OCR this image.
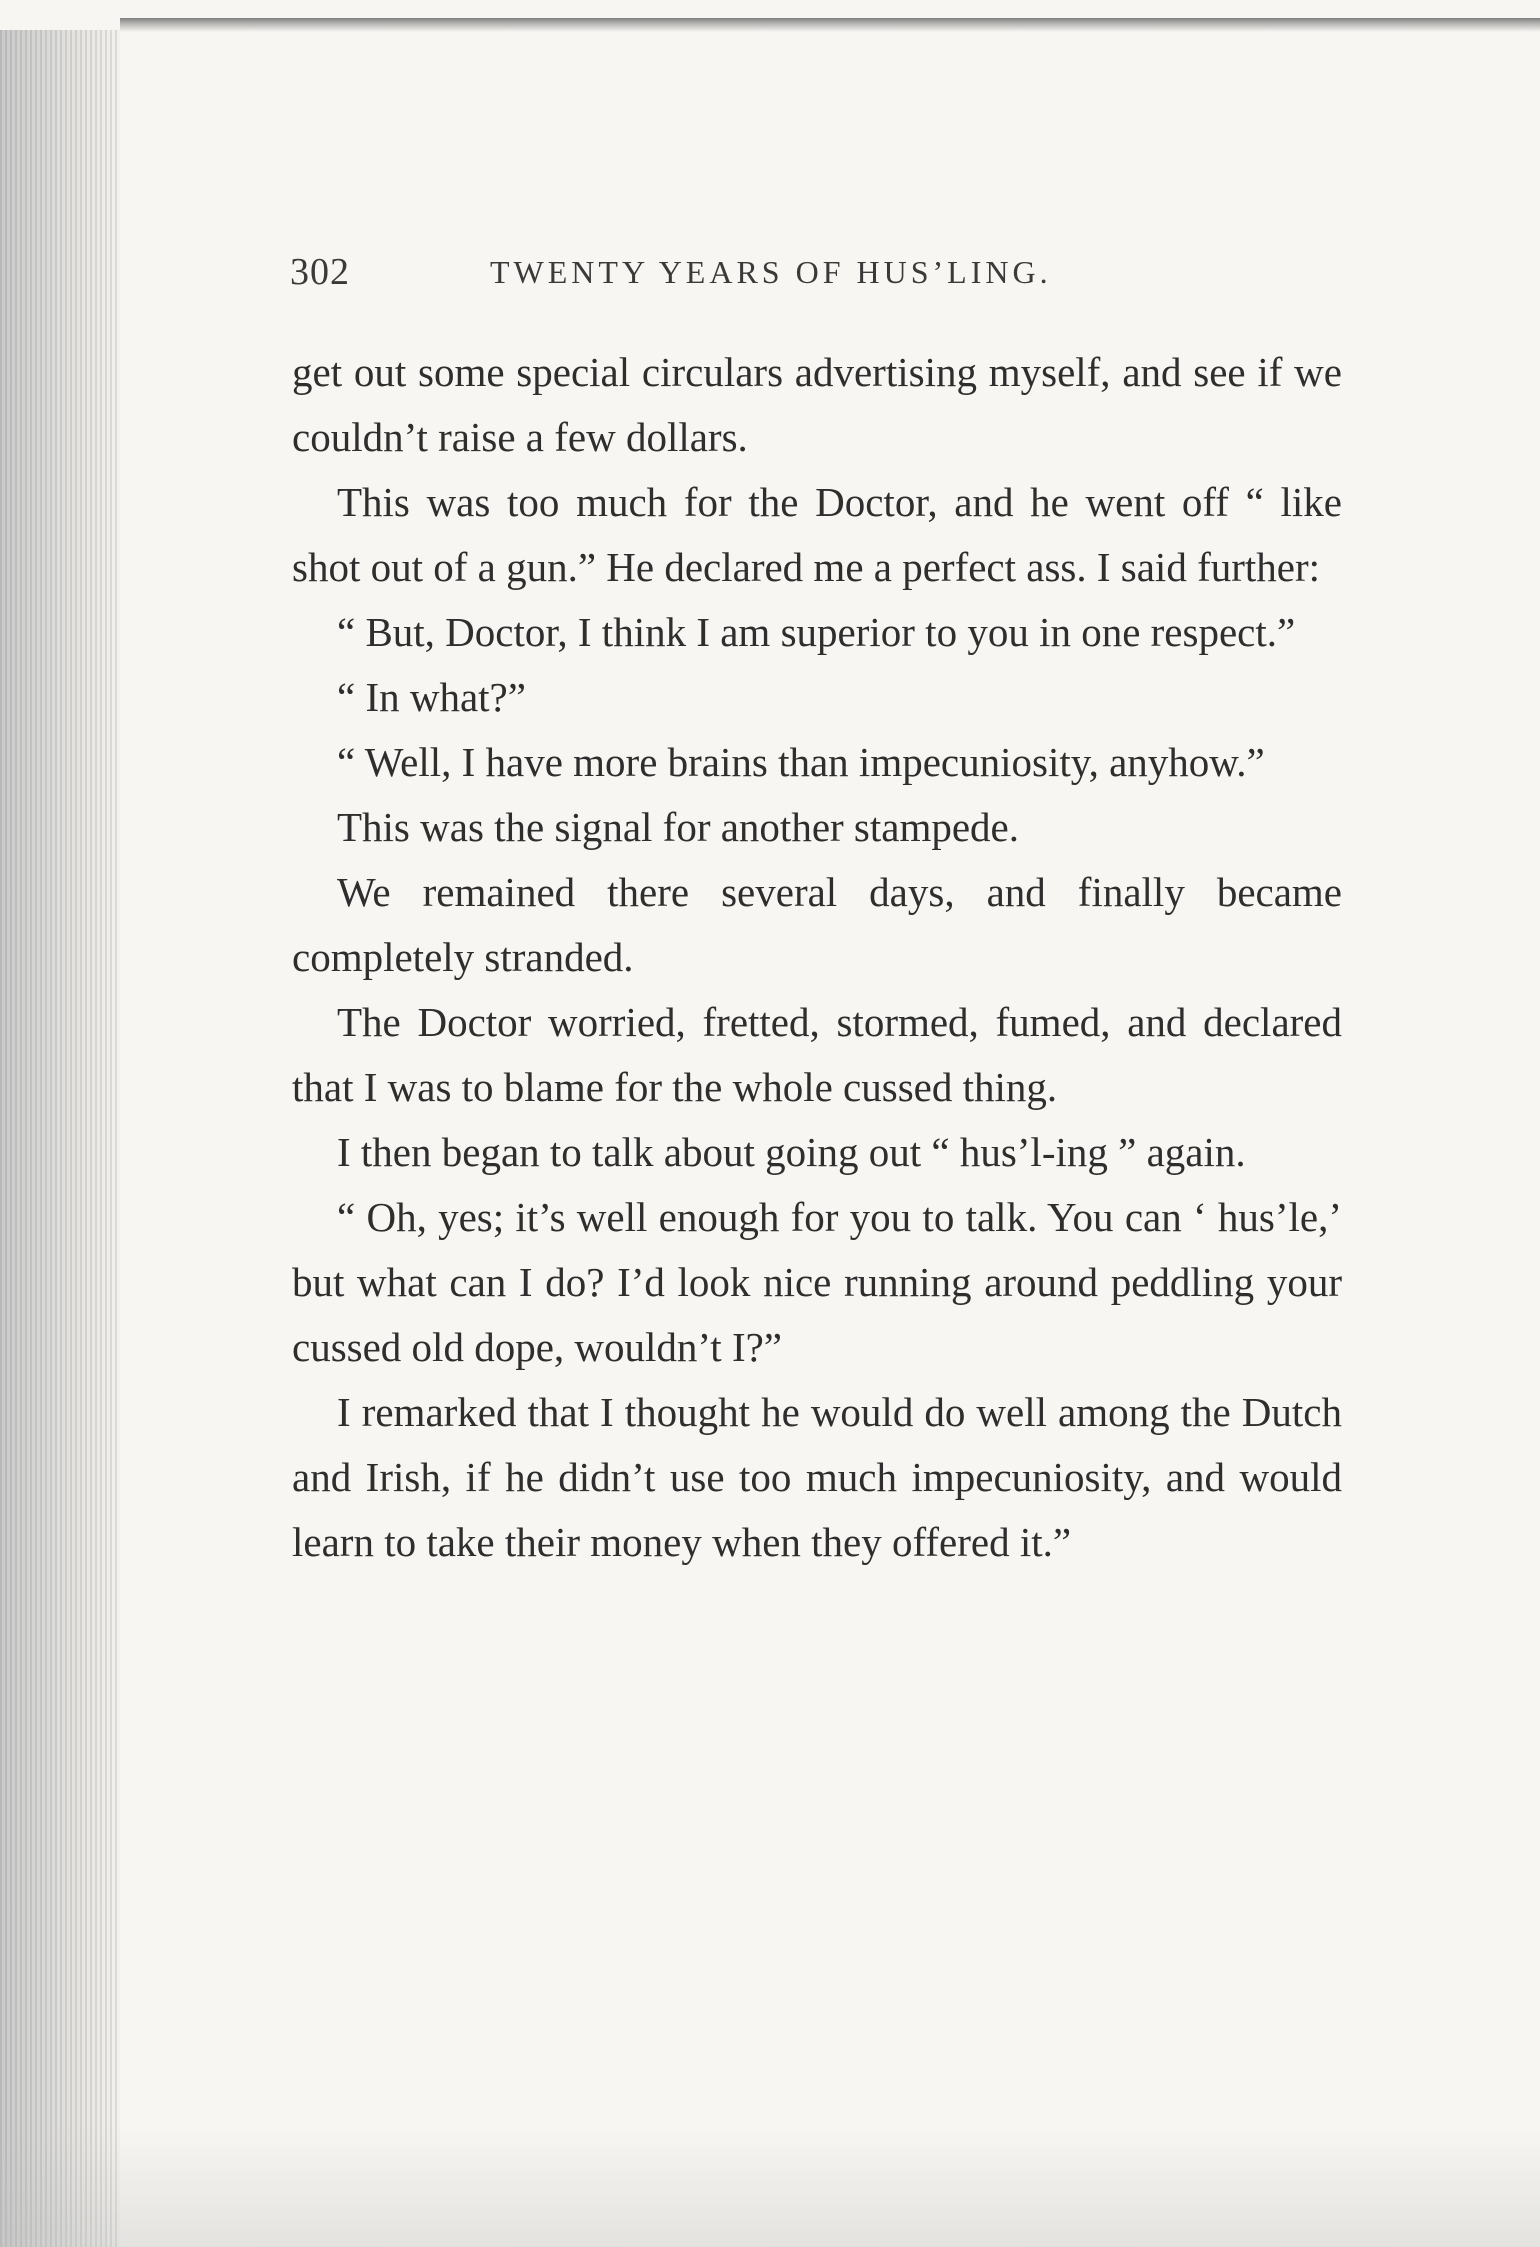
302	TWENTY YEARS OF HUS’LING.

get out some special circulars advertising myself, and see if we couldn’t raise a few dollars.

This was too much for the Doctor, and he went off “ like shot out of a gun.” He declared me a perfect ass. I said further:

“ But, Doctor, I think I am superior to you in one respect.”

“ In what?”

“ Well, I have more brains than impecuniosity, anyhow.”

This was the signal for another stampede.

We remained there several days, and finally became completely stranded.

The Doctor worried, fretted, stormed, fumed, and declared that I was to blame for the whole cussed thing.

I then began to talk about going out “ hus’l-ing ” again.

“ Oh, yes; it’s well enough for you to talk. You can ‘ hus’le,’ but what can I do? I’d look nice running around peddling your cussed old dope, wouldn’t I?”

I remarked that I thought he would do well among the Dutch and Irish, if he didn’t use too much impecuniosity, and would learn to take their money when they offered it.”
